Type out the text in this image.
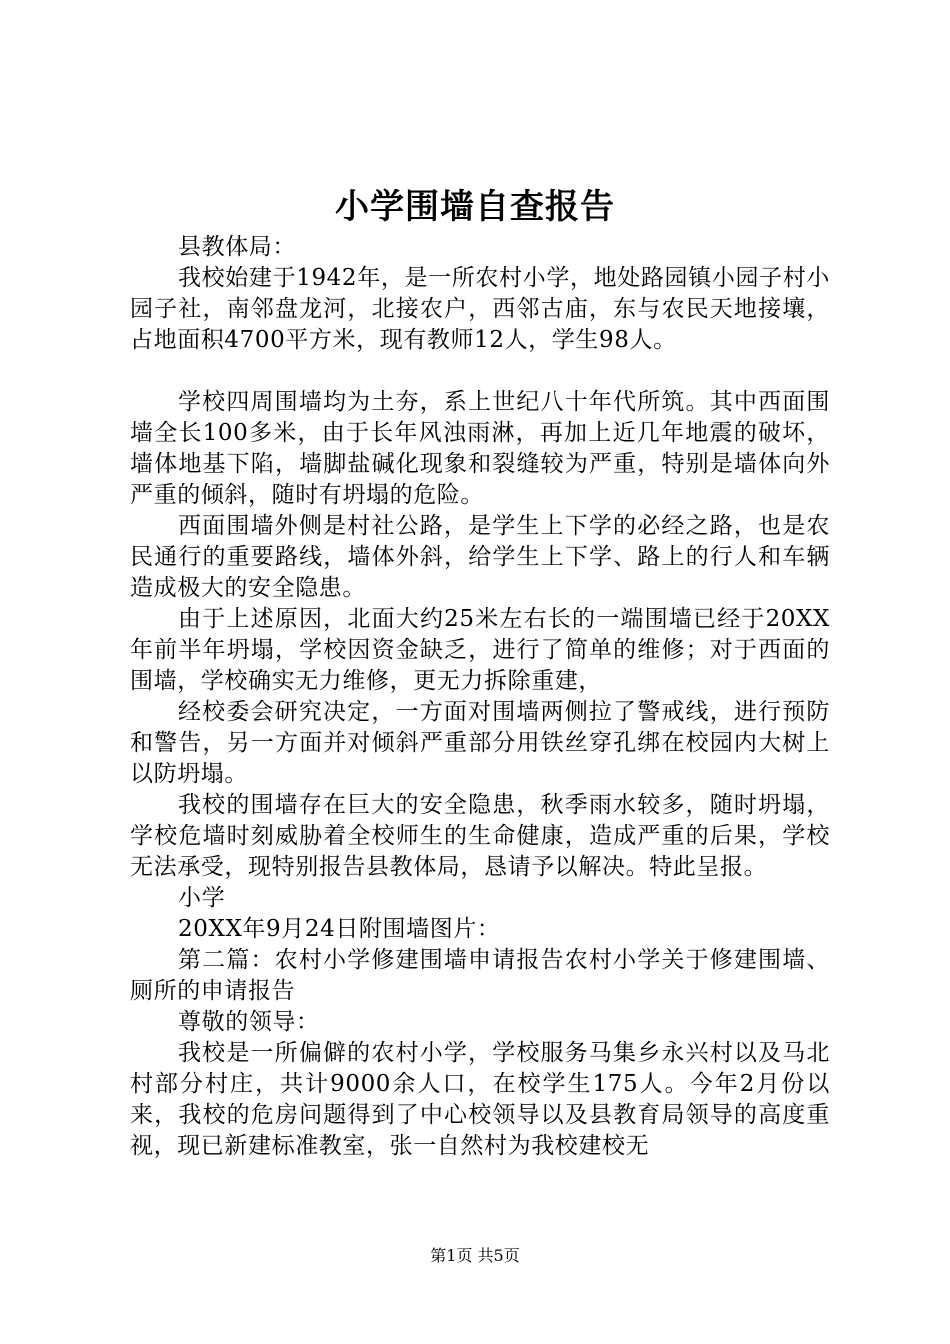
小学围墙自查报告

县教体局：

我校始建于1942年，是一所农村小学，地处路园镇小园子村小园子社，南邻盘龙河，北接农户，西邻古庙，东与农民天地接壤，占地面积4700平方米，现有教师12人，学生98人。

学校四周围墙均为土夯，系上世纪八十年代所筑。其中西面围墙全长100多米，由于长年风浊雨淋，再加上近几年地震的破坏，墙体地基下陷，墙脚盐碱化现象和裂缝较为严重，特别是墙体向外严重的倾斜，随时有坍塌的危险。

西面围墙外侧是村社公路，是学生上下学的必经之路，也是农民通行的重要路线，墙体外斜，给学生上下学、路上的行人和车辆造成极大的安全隐患。

由于上述原因，北面大约25米左右长的一端围墙已经于20XX年前半年坍塌，学校因资金缺乏，进行了简单的维修；对于西面的围墙，学校确实无力维修，更无力拆除重建，

经校委会研究决定，一方面对围墙两侧拉了警戒线，进行预防和警告，另一方面并对倾斜严重部分用铁丝穿孔绑在校园内大树上以防坍塌。

我校的围墙存在巨大的安全隐患，秋季雨水较多，随时坍塌，学校危墙时刻威胁着全校师生的生命健康，造成严重的后果，学校无法承受，现特别报告县教体局，恳请予以解决。特此呈报。

小学

20XX年9月24日附围墙图片：

第二篇：农村小学修建围墙申请报告农村小学关于修建围墙、厕所的申请报告

尊敬的领导：

我校是一所偏僻的农村小学，学校服务马集乡永兴村以及马北村部分村庄，共计9000余人口，在校学生175人。今年2月份以来，我校的危房问题得到了中心校领导以及县教育局领导的高度重视，现已新建标准教室，张一自然村为我校建校无

第1页 共5页
